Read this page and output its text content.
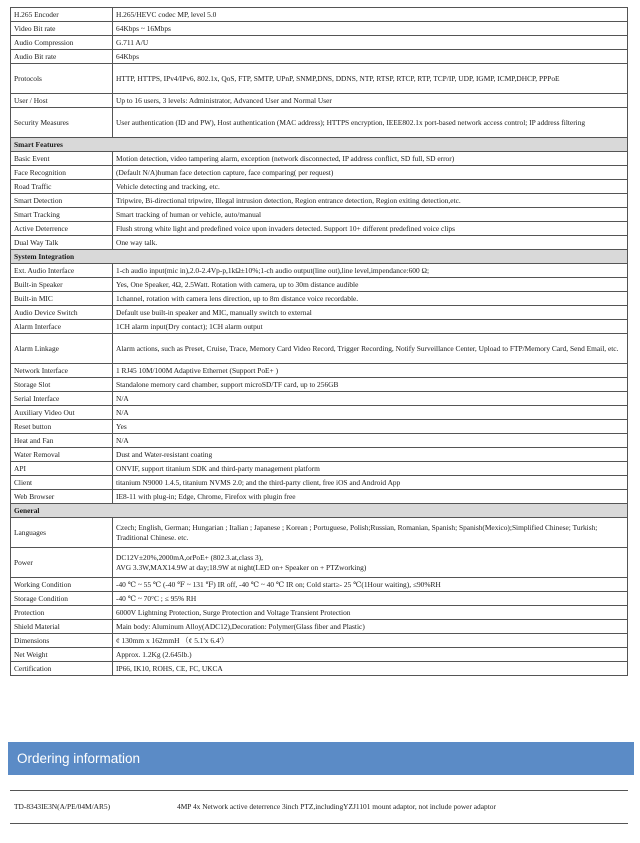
H.265 Encoder	H.265/HEVC codec MP, level 5.0
Video Bit rate	64Kbps ~ 16Mbps
Audio Compression	G.711 A/U
Audio Bit rate	64Kbps
Protocols	HTTP, HTTPS, IPv4/IPv6, 802.1x, QoS, FTP, SMTP, UPnP, SNMP,DNS, DDNS, NTP, RTSP, RTCP, RTP, TCP/IP, UDP, IGMP, ICMP,DHCP, PPPoE
User / Host	Up to 16 users, 3 levels: Administrator, Advanced User and Normal User
Security Measures	User authentication (ID and PW), Host authentication (MAC address); HTTPS encryption, IEEE802.1x port-based network access control; IP address filtering
Smart Features	
Basic Event	Motion detection, video tampering alarm, exception (network disconnected, IP address conflict, SD full, SD error)
Face Recognition	(Default N/A)human face detection capture, face comparing( per request)
Road Traffic	Vehicle detecting and tracking, etc.
Smart Detection	Tripwire, Bi-directional tripwire, Illegal intrusion detection, Region entrance detection, Region exiting detection,etc.
Smart Tracking	Smart tracking of human or vehicle, auto/manual
Active Deterrence	Flush strong white light and predefined voice upon invaders detected. Support 10+ different predefined voice clips
Dual Way Talk	One way talk.
System Integration	
Ext. Audio Interface	1-ch audio input(mic in),2.0-2.4Vp-p,1kΩ±10%;1-ch audio output(line out),line level,impendance:600 Ω;
Built-in Speaker	Yes, One Speaker, 4Ω, 2.5Watt. Rotation with camera, up to 30m distance audible
Built-in MIC	1channel, rotation with camera lens direction, up to 8m distance voice recordable.
Audio Device Switch	Default use built-in speaker and MIC, manually switch to external
Alarm Interface	1CH alarm input(Dry contact); 1CH alarm output
Alarm Linkage	Alarm actions, such as Preset, Cruise, Trace, Memory Card Video Record, Trigger Recording, Notify Surveillance Center, Upload to FTP/Memory Card, Send Email, etc.
Network Interface	1 RJ45 10M/100M Adaptive Ethernet (Support PoE+ )
Storage Slot	Standalone memory card chamber, support microSD/TF card, up to 256GB
Serial Interface	N/A
Auxiliary Video Out	N/A
Reset button	Yes
Heat and Fan	N/A
Water Removal	Dust and Water-resistant coating
API	ONVIF, support titanium SDK and third-party management platform
Client	titanium N9000 1.4.5, titanium NVMS 2.0; and the third-party client, free iOS and Android App
Web Browser	IE8-11 with plug-in; Edge, Chrome, Firefox with plugin free
General	
Languages	Czech; English, German; Hungarian ; Italian ; Japanese ; Korean ; Portuguese, Polish;Russian, Romanian, Spanish; Spanish(Mexico);Simplified Chinese; Turkish; Traditional Chinese. etc.
Power	DC12V±20%,2000mA,orPoE+ (802.3.at,class 3),
AVG 3.3W,MAX14.9W at day;18.9W at night(LED on+ Speaker on + PTZworking)
Working Condition	-40 ℃ ~ 55 ℃ (-40 ℉ ~ 131 ℉) IR off, -40 ℃ ~ 40 ℃ IR on; Cold start≥- 25 ℃(1Hour waiting), ≤90%RH
Storage Condition	-40 ℃ ~ 70°C ; ≤ 95% RH
Protection	6000V Lightning Protection, Surge Protection and Voltage Transient Protection
Shield Material	Main body: Aluminum Alloy(ADC12),Decoration: Polymer(Glass fiber and Plastic)
Dimensions	¢ 130mm x 162mmH （¢ 5.1'x 6.4'）
Net Weight	Approx. 1.2Kg (2.645lb.)
Certification	IP66, IK10, ROHS, CE, FC, UKCA
Ordering information
TD-8343IE3N(A/PE/04M/AR5)	4MP 4x Network active deterrence 3inch PTZ,includingYZJ1101 mount adaptor, not include power adaptor
